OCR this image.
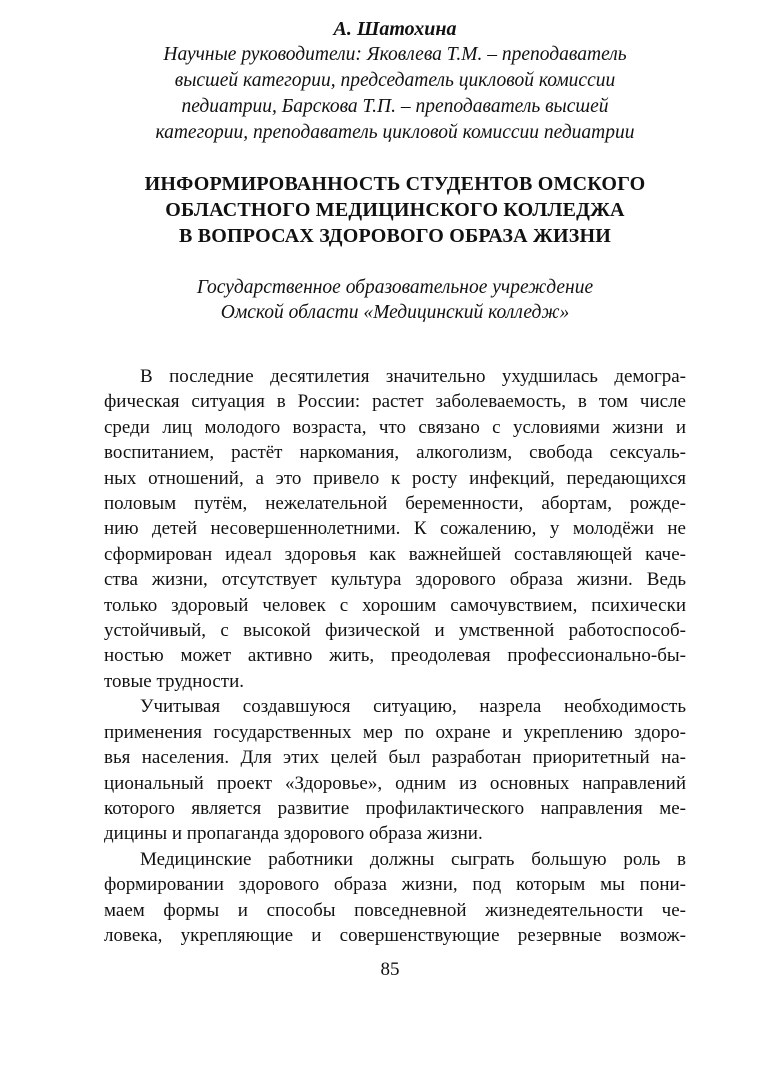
А. Шатохина

Научные руководители: Яковлева Т.М. – преподаватель
высшей категории, председатель цикловой комиссии
педиатрии, Барскова Т.П. – преподаватель высшей
категории, преподаватель цикловой комиссии педиатрии

ИНФОРМИРОВАННОСТЬ СТУДЕНТОВ ОМСКОГО
ОБЛАСТНОГО МЕДИЦИНСКОГО КОЛЛЕДЖА
В ВОПРОСАХ ЗДОРОВОГО ОБРАЗА ЖИЗНИ

Государственное образовательное учреждение
Омской области «Медицинский колледж»

В последние десятилетия значительно ухудшилась демогра-
фическая ситуация в России: растет заболеваемость, в том числе
среди лиц молодого возраста, что связано с условиями жизни и
воспитанием, растёт наркомания, алкоголизм, свобода сексуаль-
ных отношений, а это привело к росту инфекций, передающихся
половым путём, нежелательной беременности, абортам, рожде-
нию детей несовершеннолетними. К сожалению, у молодёжи не
сформирован идеал здоровья как важнейшей составляющей каче-
ства жизни, отсутствует культура здорового образа жизни. Ведь
только здоровый человек с хорошим самочувствием, психически
устойчивый, с высокой физической и умственной работоспособ-
ностью может активно жить, преодолевая профессионально-бы-
товые трудности.

Учитывая создавшуюся ситуацию, назрела необходимость
применения государственных мер по охране и укреплению здоро-
вья населения. Для этих целей был разработан приоритетный на-
циональный проект «Здоровье», одним из основных направлений
которого является развитие профилактического направления ме-
дицины и пропаганда здорового образа жизни.

Медицинские работники должны сыграть большую роль в
формировании здорового образа жизни, под которым мы пони-
маем формы и способы повседневной жизнедеятельности че-
ловека, укрепляющие и совершенствующие резервные возмож-

85
